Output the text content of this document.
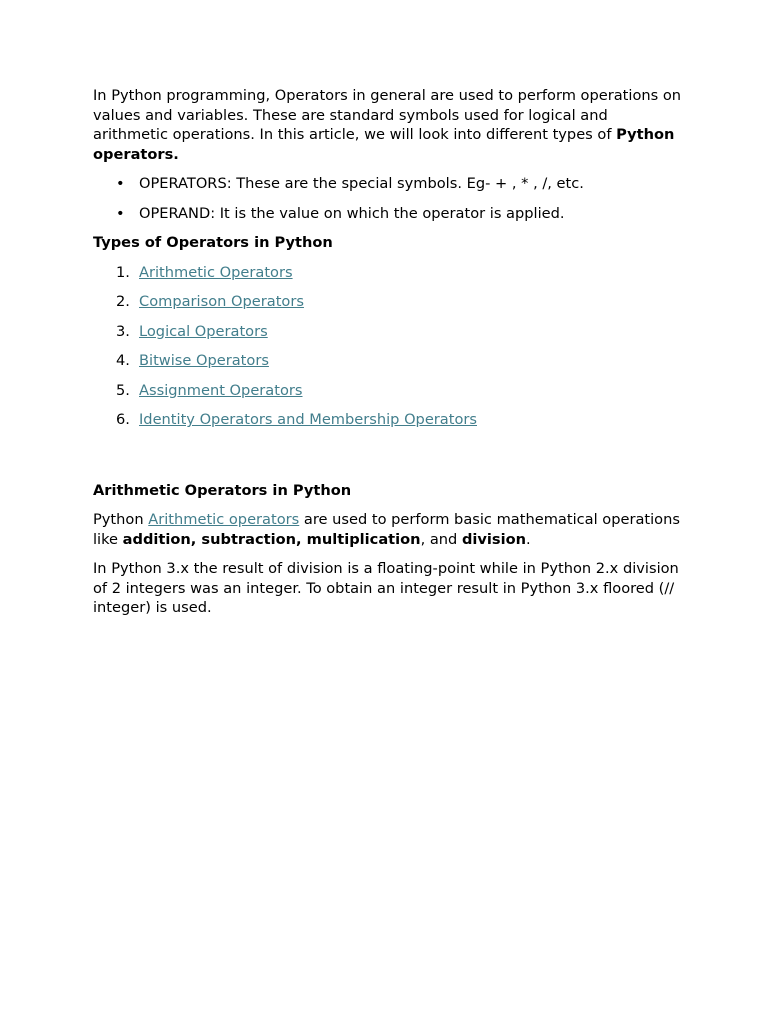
In Python programming, Operators in general are used to perform operations on values and variables. These are standard symbols used for logical and arithmetic operations. In this article, we will look into different types of Python operators.

• OPERATORS: These are the special symbols. Eg- + , * , /, etc.
• OPERAND: It is the value on which the operator is applied.

Types of Operators in Python

1. Arithmetic Operators
2. Comparison Operators
3. Logical Operators
4. Bitwise Operators
5. Assignment Operators
6. Identity Operators and Membership Operators

Arithmetic Operators in Python

Python Arithmetic operators are used to perform basic mathematical operations like addition, subtraction, multiplication, and division.

In Python 3.x the result of division is a floating-point while in Python 2.x division of 2 integers was an integer. To obtain an integer result in Python 3.x floored (// integer) is used.
